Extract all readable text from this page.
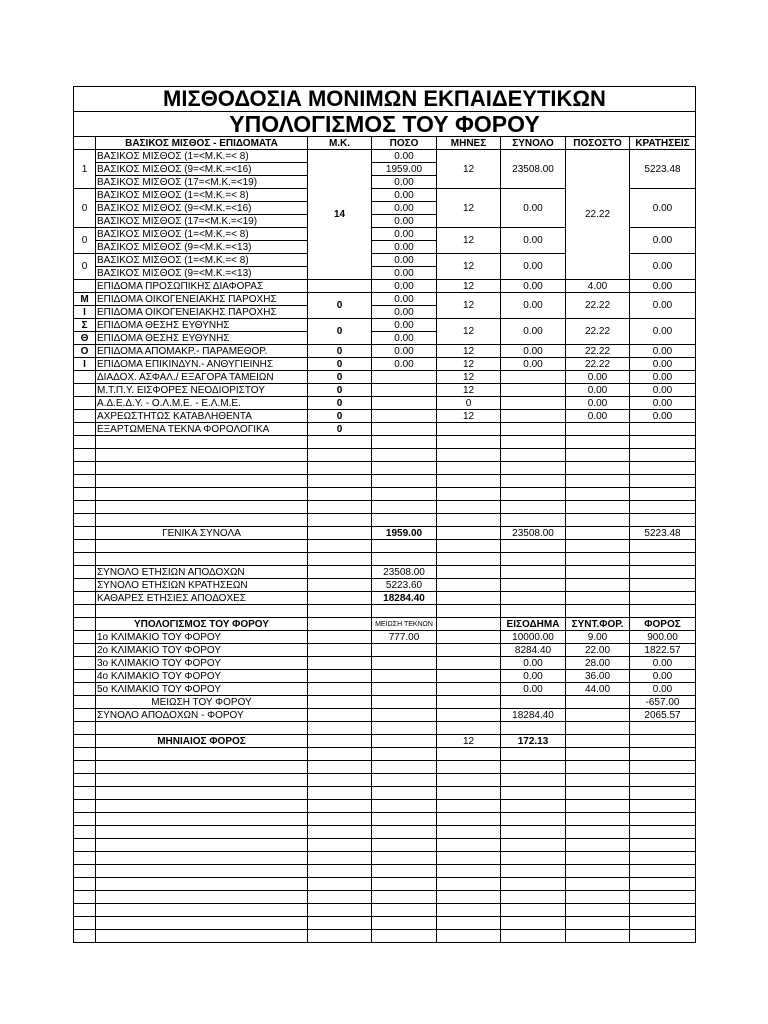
ΜΙΣΘΟΔΟΣΙΑ ΜΟΝΙΜΩΝ ΕΚΠΑΙΔΕΥΤΙΚΩΝ							
ΥΠΟΛΟΓΙΣΜΟΣ ΤΟΥ ΦΟΡΟΥ							
	ΒΑΣΙΚΟΣ ΜΙΣΘΟΣ - ΕΠΙΔΟΜΑΤΑ	Μ.Κ.	ΠΟΣΟ	ΜΗΝΕΣ	ΣΥΝΟΛΟ	ΠΟΣΟΣΤΟ	ΚΡΑΤΗΣΕΙΣ
1	ΒΑΣΙΚΟΣ ΜΙΣΘΟΣ (1=<Μ.Κ.=< 8)	14	0.00	12	23508.00	22.22	5223.48
	ΒΑΣΙΚΟΣ ΜΙΣΘΟΣ (9=<Μ.Κ.=<16)		1959.00				
	ΒΑΣΙΚΟΣ ΜΙΣΘΟΣ (17=<Μ.Κ.=<19)		0.00				
0	ΒΑΣΙΚΟΣ ΜΙΣΘΟΣ (1=<Μ.Κ.=< 8)		0.00	12	0.00		0.00
	ΒΑΣΙΚΟΣ ΜΙΣΘΟΣ (9=<Μ.Κ.=<16)		0.00				
	ΒΑΣΙΚΟΣ ΜΙΣΘΟΣ (17=<Μ.Κ.=<19)		0.00				
0	ΒΑΣΙΚΟΣ ΜΙΣΘΟΣ (1=<Μ.Κ.=< 8)		0.00	12	0.00		0.00
	ΒΑΣΙΚΟΣ ΜΙΣΘΟΣ (9=<Μ.Κ.=<13)		0.00				
0	ΒΑΣΙΚΟΣ ΜΙΣΘΟΣ (1=<Μ.Κ.=< 8)		0.00	12	0.00		0.00
	ΒΑΣΙΚΟΣ ΜΙΣΘΟΣ (9=<Μ.Κ.=<13)		0.00				
	ΕΠΙΔΟΜΑ ΠΡΟΣΩΠΙΚΗΣ ΔΙΑΦΟΡΑΣ		0.00	12	0.00	4.00	0.00
Μ	ΕΠΙΔΟΜΑ ΟΙΚΟΓΕΝΕΙΑΚΗΣ ΠΑΡΟΧΗΣ	0	0.00	12	0.00	22.22	0.00
Ι	ΕΠΙΔΟΜΑ ΟΙΚΟΓΕΝΕΙΑΚΗΣ ΠΑΡΟΧΗΣ		0.00				
Σ	ΕΠΙΔΟΜΑ ΘΕΣΗΣ ΕΥΘΥΝΗΣ	0	0.00	12	0.00	22.22	0.00
Θ	ΕΠΙΔΟΜΑ ΘΕΣΗΣ ΕΥΘΥΝΗΣ		0.00				
Ο	ΕΠΙΔΟΜΑ ΑΠΟΜΑΚΡ.- ΠΑΡΑΜΕΘΟΡ.	0	0.00	12	0.00	22.22	0.00
Ι	ΕΠΙΔΟΜΑ ΕΠΙΚΙΝΔΥΝ.- ΑΝΘΥΓΙΕΙΝΗΣ	0	0.00	12	0.00	22.22	0.00
	ΔΙΑΔΟΧ. ΑΣΦΑΛ./ ΕΞΑΓΟΡΑ ΤΑΜΕΙΩΝ	0		12		0.00	0.00
	Μ.Τ.Π.Υ. ΕΙΣΦΟΡΕΣ ΝΕΟΔΙΟΡΙΣΤΟΥ	0		12		0.00	0.00
	Α.Δ.Ε.Δ.Υ. - Ο.Λ.Μ.Ε. - Ε.Λ.Μ.Ε.	0		0		0.00	0.00
	ΑΧΡΕΩΣΤΗΤΩΣ ΚΑΤΑΒΛΗΘΕΝΤΑ	0		12		0.00	0.00
	ΕΞΑΡΤΩΜΕΝΑ ΤΕΚΝΑ ΦΟΡΟΛΟΓΙΚΑ	0					

	ΓΕΝΙΚΑ ΣΥΝΟΛΑ		1959.00		23508.00		5223.48

	ΣΥΝΟΛΟ ΕΤΗΣΙΩΝ ΑΠΟΔΟΧΩΝ		23508.00				
	ΣΥΝΟΛΟ ΕΤΗΣΙΩΝ ΚΡΑΤΗΣΕΩΝ		5223.60				
	ΚΑΘΑΡΕΣ ΕΤΗΣΙΕΣ ΑΠΟΔΟΧΕΣ		18284.40				

	ΥΠΟΛΟΓΙΣΜΟΣ ΤΟΥ ΦΟΡΟΥ		ΜΕΙΩΣΗ ΤΕΚΝΩΝ		ΕΙΣΟΔΗΜΑ	ΣΥΝΤ.ΦΟΡ.	ΦΟΡΟΣ
	1ο ΚΛΙΜΑΚΙΟ ΤΟΥ ΦΟΡΟΥ		777.00		10000.00	9.00	900.00
	2ο ΚΛΙΜΑΚΙΟ ΤΟΥ ΦΟΡΟΥ				8284.40	22.00	1822.57
	3ο ΚΛΙΜΑΚΙΟ ΤΟΥ ΦΟΡΟΥ				0.00	28.00	0.00
	4ο ΚΛΙΜΑΚΙΟ ΤΟΥ ΦΟΡΟΥ				0.00	36.00	0.00
	5ο ΚΛΙΜΑΚΙΟ ΤΟΥ ΦΟΡΟΥ				0.00	44.00	0.00
	ΜΕΙΩΣΗ ΤΟΥ ΦΟΡΟΥ						-657.00
	ΣΥΝΟΛΟ ΑΠΟΔΟΧΩΝ - ΦΟΡΟΥ				18284.40		2065.57

	ΜΗΝΙΑΙΟΣ ΦΟΡΟΣ			12	172.13		
